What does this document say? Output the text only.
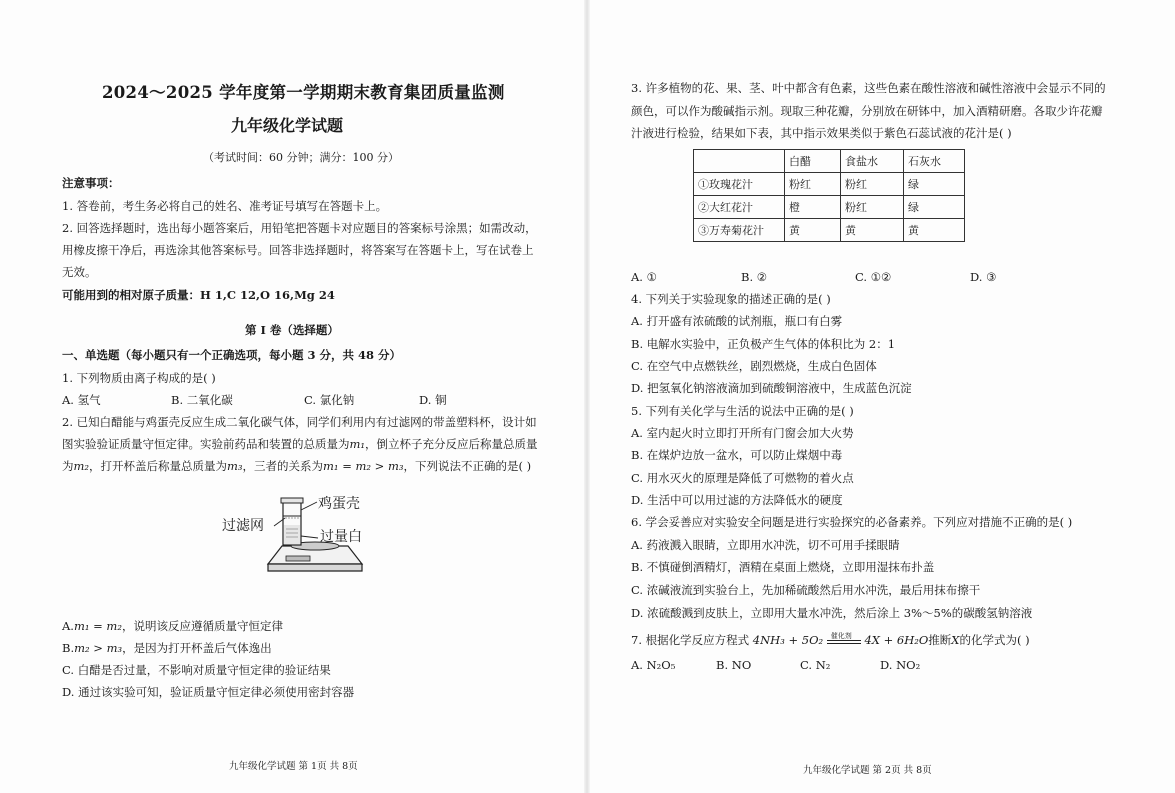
2024～2025 学年度第一学期期末教育集团质量监测
九年级化学试题
（考试时间：60 分钟；满分：100 分）
注意事项：
1. 答卷前，考生务必将自己的姓名、准考证号填写在答题卡上。
2. 回答选择题时，选出每小题答案后，用铅笔把答题卡对应题目的答案标号涂黑；如需改动，
用橡皮擦干净后，再选涂其他答案标号。回答非选择题时，将答案写在答题卡上，写在试卷上
无效。
可能用到的相对原子质量：H 1,C 12,O 16,Mg 24
第 I 卷（选择题）
一、单选题（每小题只有一个正确选项，每小题 3 分，共 48 分）
1. 下列物质由离子构成的是( )
A. 氢气	B. 二氧化碳	C. 氯化钠	D. 铜
2. 已知白醋能与鸡蛋壳反应生成二氧化碳气体，同学们利用内有过滤网的带盖塑料杯，设计如
图实验验证质量守恒定律。实验前药品和装置的总质量为m₁，倒立杯子充分反应后称量总质量
为m₂，打开杯盖后称量总质量为m₃，三者的关系为m₁ = m₂ > m₃，下列说法不正确的是( )
鸡蛋壳
过滤网
过量白
A.m₁ = m₂，说明该反应遵循质量守恒定律
B.m₂ > m₃，是因为打开杯盖后气体逸出
C. 白醋是否过量，不影响对质量守恒定律的验证结果
D. 通过该实验可知，验证质量守恒定律必须使用密封容器
九年级化学试题 第 1页 共 8页
3. 许多植物的花、果、茎、叶中都含有色素，这些色素在酸性溶液和碱性溶液中会显示不同的
颜色，可以作为酸碱指示剂。现取三种花瓣，分别放在研钵中，加入酒精研磨。各取少许花瓣
汁液进行检验，结果如下表，其中指示效果类似于紫色石蕊试液的花汁是( )
	白醋	食盐水	石灰水
①玫瑰花汁	粉红	粉红	绿
②大红花汁	橙	粉红	绿
③万寿菊花汁	黄	黄	黄
A. ①	B. ②	C. ①②	D. ③
4. 下列关于实验现象的描述正确的是( )
A. 打开盛有浓硫酸的试剂瓶，瓶口有白雾
B. 电解水实验中，正负极产生气体的体积比为 2：1
C. 在空气中点燃铁丝，剧烈燃烧，生成白色固体
D. 把氢氧化钠溶液滴加到硫酸铜溶液中，生成蓝色沉淀
5. 下列有关化学与生活的说法中正确的是( )
A. 室内起火时立即打开所有门窗会加大火势
B. 在煤炉边放一盆水，可以防止煤烟中毒
C. 用水灭火的原理是降低了可燃物的着火点
D. 生活中可以用过滤的方法降低水的硬度
6. 学会妥善应对实验安全问题是进行实验探究的必备素养。下列应对措施不正确的是( )
A. 药液溅入眼睛，立即用水冲洗，切不可用手揉眼睛
B. 不慎碰倒酒精灯，酒精在桌面上燃烧，立即用湿抹布扑盖
C. 浓碱液流到实验台上，先加稀硫酸然后用水冲洗，最后用抹布擦干
D. 浓硫酸溅到皮肤上，立即用大量水冲洗，然后涂上 3%～5%的碳酸氢钠溶液
7. 根据化学反应方程式 4NH₃ + 5O₂ 催化剂 4X + 6H₂O推断X的化学式为( )
A. N₂O₅	B. NO	C. N₂	D. NO₂
九年级化学试题 第 2页 共 8页
